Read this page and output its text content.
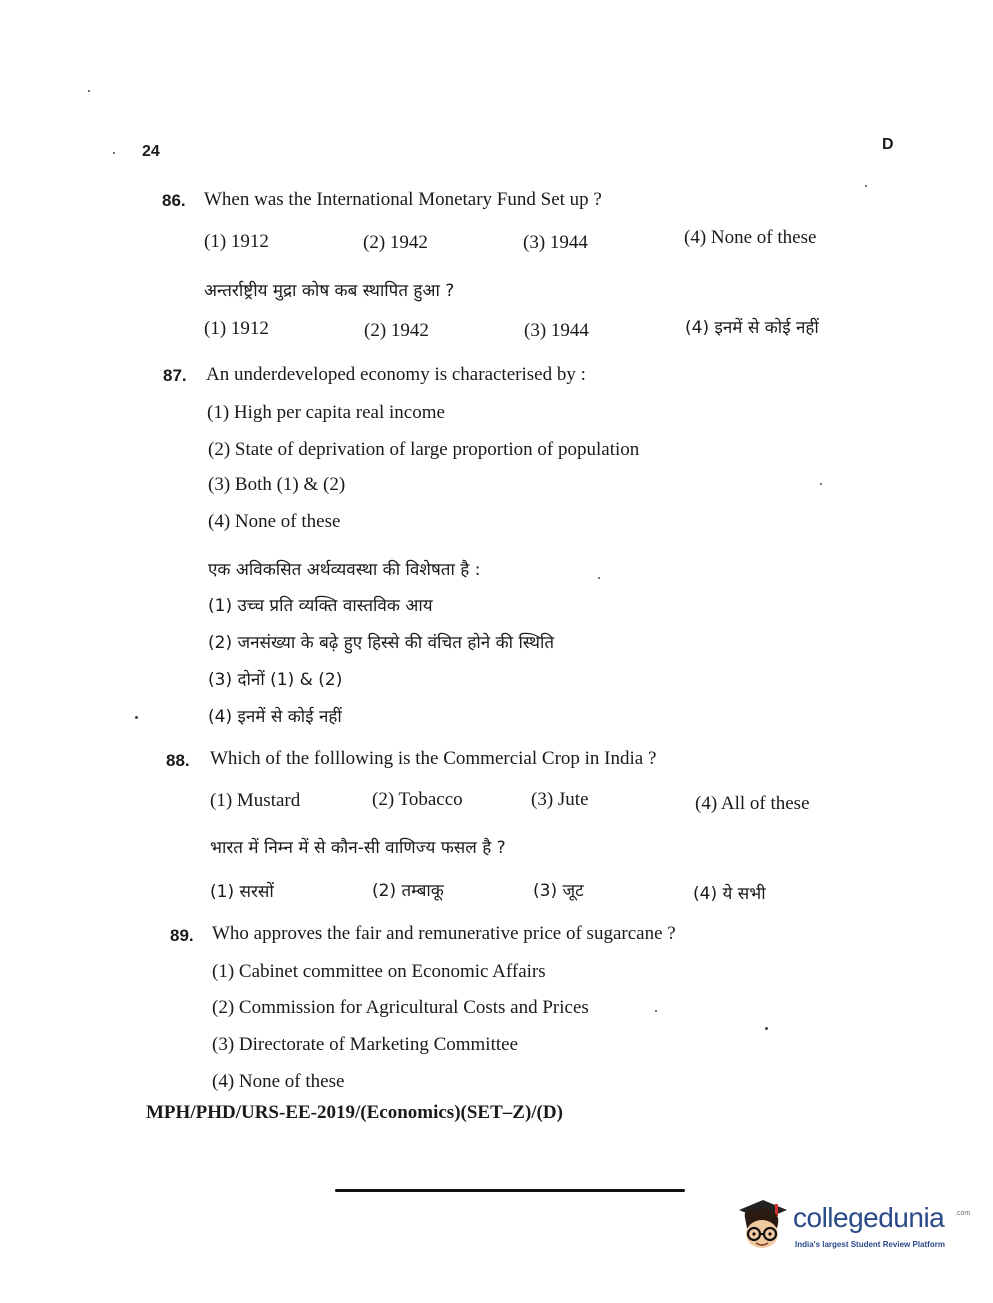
24	D
86. When was the International Monetary Fund Set up ?
(1) 1912	(2) 1942	(3) 1944	(4) None of these
अन्तर्राष्ट्रीय मुद्रा कोष कब स्थापित हुआ ?
(1) 1912	(2) 1942	(3) 1944	(4) इनमें से कोई नहीं
87. An underdeveloped economy is characterised by :
(1) High per capita real income
(2) State of deprivation of large proportion of population
(3) Both (1) & (2)
(4) None of these
एक अविकसित अर्थव्यवस्था की विशेषता है :
(1) उच्च प्रति व्यक्ति वास्तविक आय
(2) जनसंख्या के बढ़े हुए हिस्से की वंचित होने की स्थिति
(3) दोनों (1) & (2)
(4) इनमें से कोई नहीं
88. Which of the folllowing is the Commercial Crop in India ?
(1) Mustard	(2) Tobacco	(3) Jute	(4) All of these
भारत में निम्न में से कौन-सी वाणिज्य फसल है ?
(1) सरसों	(2) तम्बाकू	(3) जूट	(4) ये सभी
89. Who approves the fair and remunerative price of sugarcane ?
(1) Cabinet committee on Economic Affairs
(2) Commission for Agricultural Costs and Prices
(3) Directorate of Marketing Committee
(4) None of these
MPH/PHD/URS-EE-2019/(Economics)(SET–Z)/(D)
collegedunia .com
India's largest Student Review Platform
